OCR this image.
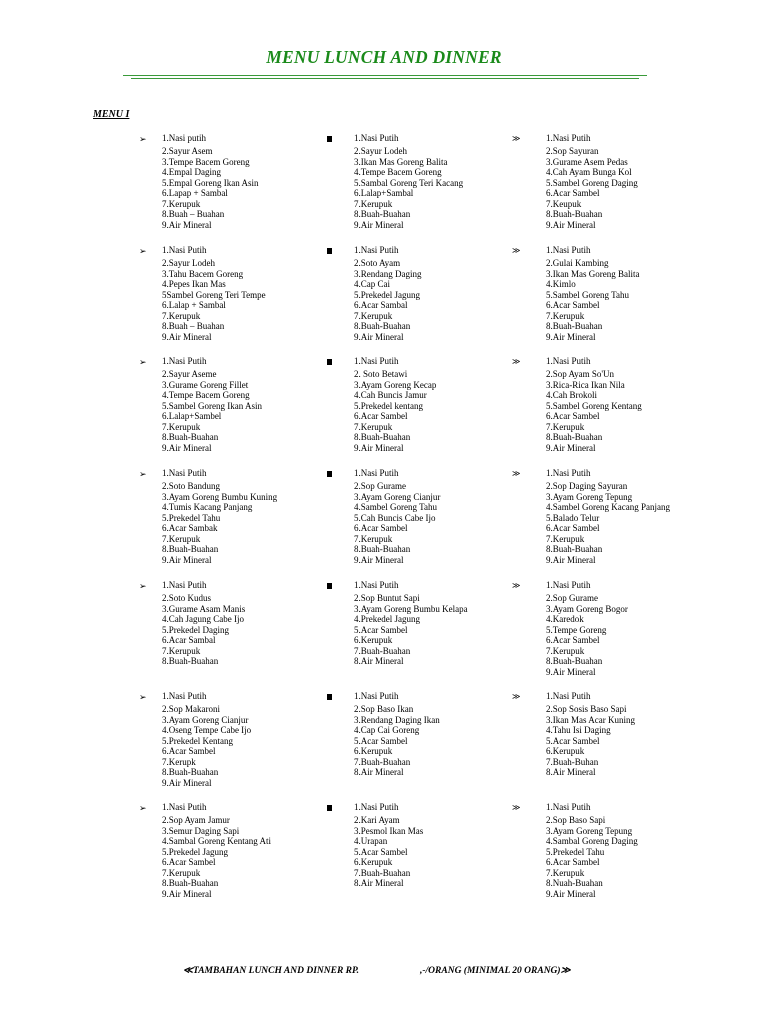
MENU LUNCH AND DINNER
MENU I
➢ 1.Nasi putih
2.Sayur Asem
3.Tempe Bacem Goreng
4.Empal Daging
5.Empal Goreng Ikan Asin
6.Lapap + Sambal
7.Kerupuk
8.Buah – Buahan
9.Air Mineral
1.Nasi Putih
2.Sayur Lodeh
3.Ikan Mas Goreng Balita
4.Tempe Bacem Goreng
5.Sambal Goreng Teri Kacang
6.Lalap+Sambal
7.Kerupuk
8.Buah-Buahan
9.Air Mineral
≫	1.Nasi Putih
2.Sop Sayuran
3.Gurame Asem Pedas
4.Cah Ayam Bunga Kol
5.Sambel Goreng Daging
6.Acar Sambel
7.Keupuk
8.Buah-Buahan
9.Air Mineral
➢ 1.Nasi Putih
2.Sayur Lodeh
3.Tahu Bacem Goreng
4.Pepes Ikan Mas
5Sambel Goreng Teri Tempe
6.Lalap + Sambal
7.Kerupuk
8.Buah – Buahan
9.Air Mineral
1.Nasi Putih
2.Soto Ayam
3.Rendang Daging
4.Cap Cai
5.Prekedel Jagung
6.Acar Sambal
7.Kerupuk
8.Buah-Buahan
9.Air Mineral
≫	1.Nasi Putih
2.Gulai Kambing
3.Ikan Mas Goreng Balita
4.Kimlo
5.Sambel Goreng Tahu
6.Acar Sambel
7.Kerupuk
8.Buah-Buahan
9.Air Mineral
➢ 1.Nasi Putih
2.Sayur Aseme
3.Gurame Goreng Fillet
4.Tempe Bacem Goreng
5.Sambel Goreng Ikan Asin
6.Lalap+Sambel
7.Kerupuk
8.Buah-Buahan
9.Air Mineral
1.Nasi Putih
2. Soto Betawi
3.Ayam Goreng Kecap
4.Cah Buncis Jamur
5.Prekedel kentang
6.Acar Sambel
7.Kerupuk
8.Buah-Buahan
9.Air Mineral
≫	1.Nasi Putih
2.Sop Ayam So'Un
3.Rica-Rica Ikan Nila
4.Cah Brokoli
5.Sambel Goreng Kentang
6.Acar Sambel
7.Kerupuk
8.Buah-Buahan
9.Air Mineral
➢ 1.Nasi Putih
2.Soto Bandung
3.Ayam Goreng Bumbu Kuning
4.Tumis Kacang Panjang
5.Prekedel Tahu
6.Acar Sambak
7.Kerupuk
8.Buah-Buahan
9.Air Mineral
1.Nasi Putih
2.Sop Gurame
3.Ayam Goreng Cianjur
4.Sambel Goreng Tahu
5.Cah Buncis Cabe Ijo
6.Acar Sambel
7.Kerupuk
8.Buah-Buahan
9.Air Mineral
≫	1.Nasi Putih
2.Sop Daging Sayuran
3.Ayam Goreng Tepung
4.Sambel Goreng Kacang Panjang
5.Balado Telur
6.Acar Sambel
7.Kerupuk
8.Buah-Buahan
9.Air Mineral
➢ 1.Nasi Putih
2.Soto Kudus
3.Gurame Asam Manis
4.Cah Jagung Cabe Ijo
5.Prekedel Daging
6.Acar Sambal
7.Kerupuk
8.Buah-Buahan
1.Nasi Putih
2.Sop Buntut Sapi
3.Ayam Goreng Bumbu Kelapa
4.Prekedel Jagung
5.Acar Sambel
6.Kerupuk
7.Buah-Buahan
8.Air Mineral
≫	1.Nasi Putih
2.Sop Gurame
3.Ayam Goreng Bogor
4.Karedok
5.Tempe Goreng
6.Acar Sambel
7.Kerupuk
8.Buah-Buahan
9.Air Mineral
➢ 1.Nasi Putih
2.Sop Makaroni
3.Ayam Goreng Cianjur
4.Oseng Tempe Cabe Ijo
5.Prekedel Kentang
6.Acar Sambel
7.Kerupk
8.Buah-Buahan
9.Air Mineral
1.Nasi Putih
2.Sop Baso Ikan
3.Rendang Daging Ikan
4.Cap Cai Goreng
5.Acar Sambel
6.Kerupuk
7.Buah-Buahan
8.Air Mineral
≫	1.Nasi Putih
2.Sop Sosis Baso Sapi
3.Ikan Mas Acar Kuning
4.Tahu Isi Daging
5.Acar Sambel
6.Kerupuk
7.Buah-Buhan
8.Air Mineral
➢ 1.Nasi Putih
2.Sop Ayam Jamur
3.Semur Daging Sapi
4.Sambal Goreng Kentang Ati
5.Prekedel Jagung
6.Acar Sambel
7.Kerupuk
8.Buah-Buahan
9.Air Mineral
1.Nasi Putih
2.Kari Ayam
3.Pesmol Ikan Mas
4.Urapan
5.Acar Sambel
6.Kerupuk
7.Buah-Buahan
8.Air Mineral
≫	1.Nasi Putih
2.Sop Baso Sapi
3.Ayam Goreng Tepung
4.Sambal Goreng Daging
5.Prekedel Tahu
6.Acar Sambel
7.Kerupuk
8.Nuah-Buahan
9.Air Mineral
≪TAMBAHAN LUNCH AND DINNER RP.	,-/ORANG (MINIMAL 20 ORANG)≫
